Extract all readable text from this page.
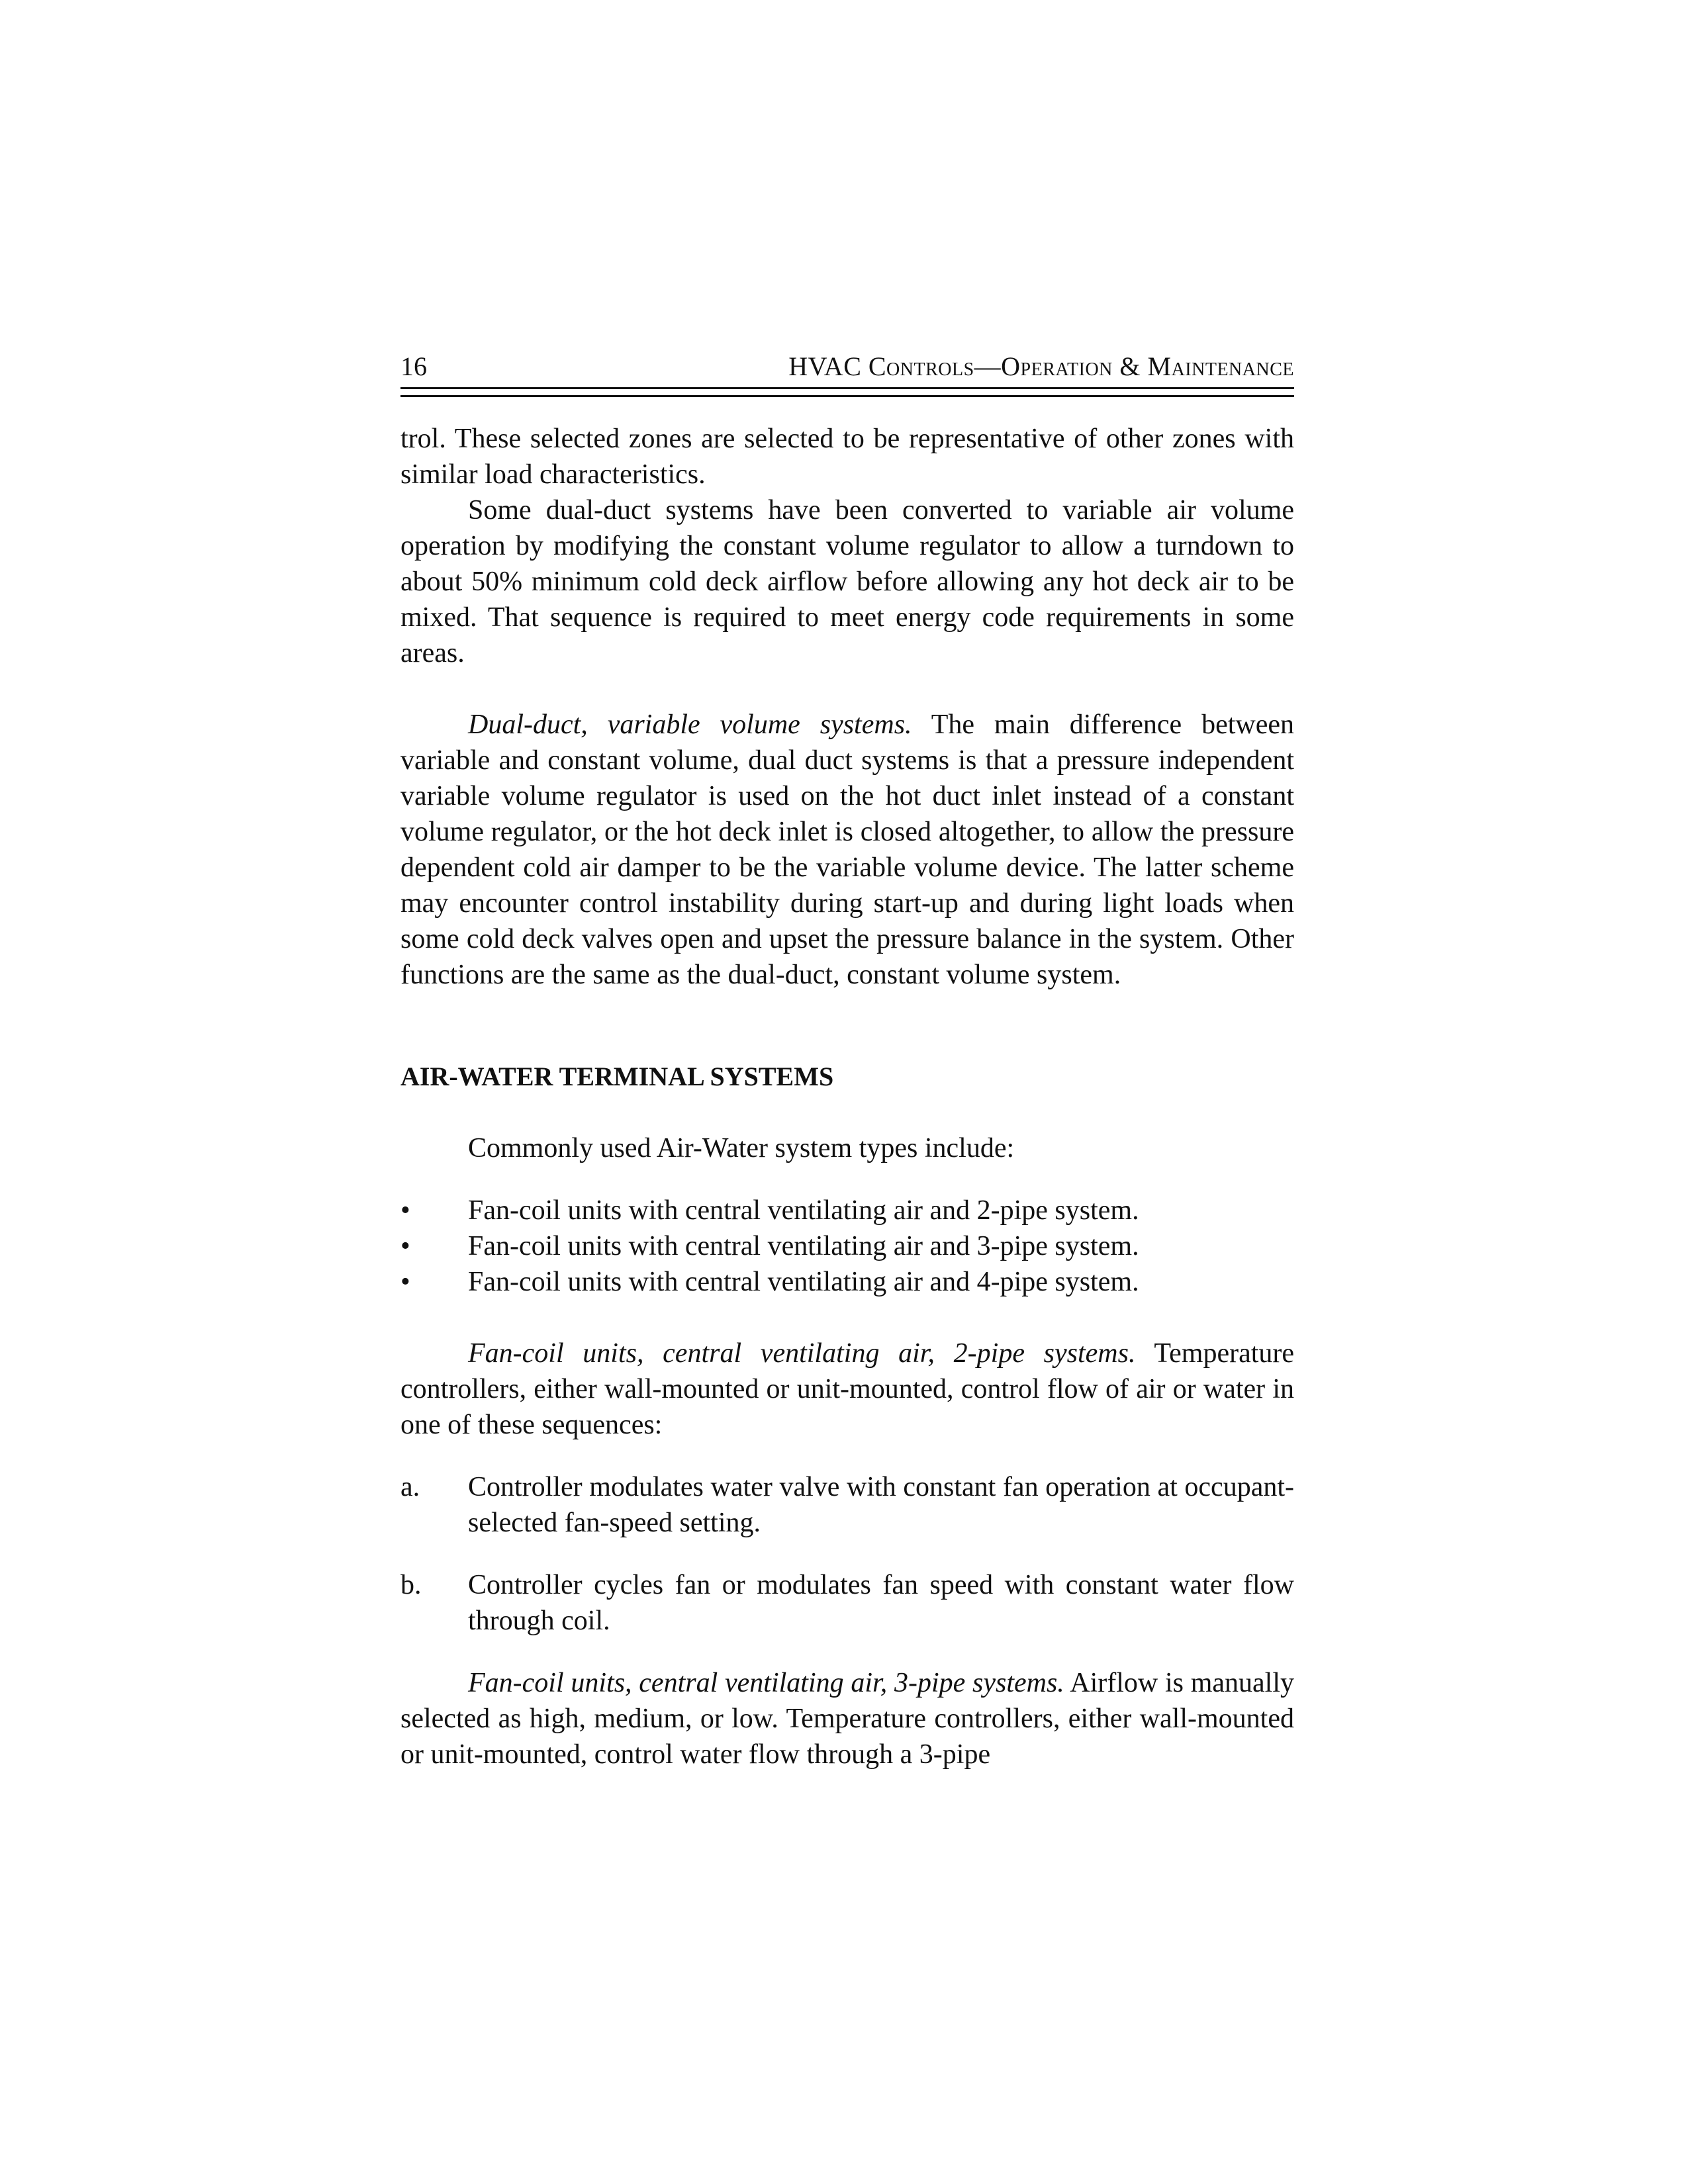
16	HVAC Controls—Operation & Maintenance

trol. These selected zones are selected to be representative of other zones with similar load characteristics.

Some dual-duct systems have been converted to variable air volume operation by modifying the constant volume regulator to allow a turndown to about 50% minimum cold deck airflow before allowing any hot deck air to be mixed. That sequence is required to meet energy code requirements in some areas.

Dual-duct, variable volume systems. The main difference between variable and constant volume, dual duct systems is that a pressure independent variable volume regulator is used on the hot duct inlet instead of a constant volume regulator, or the hot deck inlet is closed altogether, to allow the pressure dependent cold air damper to be the variable volume device. The latter scheme may encounter control instability during start-up and during light loads when some cold deck valves open and upset the pressure balance in the system. Other functions are the same as the dual-duct, constant volume system.

AIR-WATER TERMINAL SYSTEMS

Commonly used Air-Water system types include:

• Fan-coil units with central ventilating air and 2-pipe system.
• Fan-coil units with central ventilating air and 3-pipe system.
• Fan-coil units with central ventilating air and 4-pipe system.

Fan-coil units, central ventilating air, 2-pipe systems. Temperature controllers, either wall-mounted or unit-mounted, control flow of air or water in one of these sequences:

a. Controller modulates water valve with constant fan operation at occupant-selected fan-speed setting.
b. Controller cycles fan or modulates fan speed with constant water flow through coil.

Fan-coil units, central ventilating air, 3-pipe systems. Airflow is manually selected as high, medium, or low. Temperature controllers, either wall-mounted or unit-mounted, control water flow through a 3-pipe
